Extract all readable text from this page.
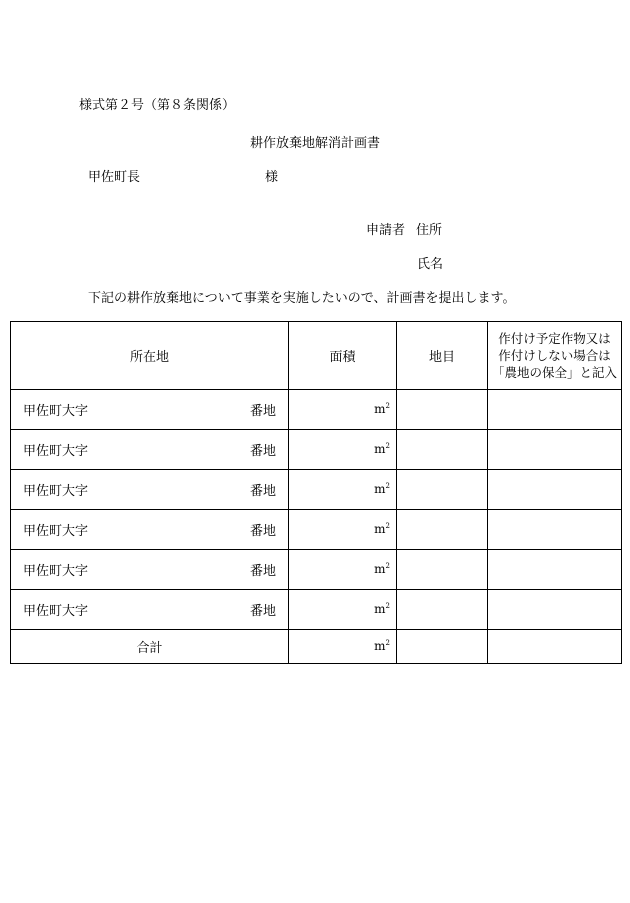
様式第２号（第８条関係）
耕作放棄地解消計画書
甲佐町長	様
申請者 住所
氏名
下記の耕作放棄地について事業を実施したいので、計画書を提出します。
所在地	面積	地目	作付け予定作物又は
作付けしない場合は
「農地の保全」と記入

甲佐町大字 番地	$m^2$		

甲佐町大字 番地	$m^2$		

甲佐町大字 番地	$m^2$		

甲佐町大字 番地	$m^2$		

甲佐町大字 番地	$m^2$		

甲佐町大字 番地	$m^2$		
合計	$m^2$		
